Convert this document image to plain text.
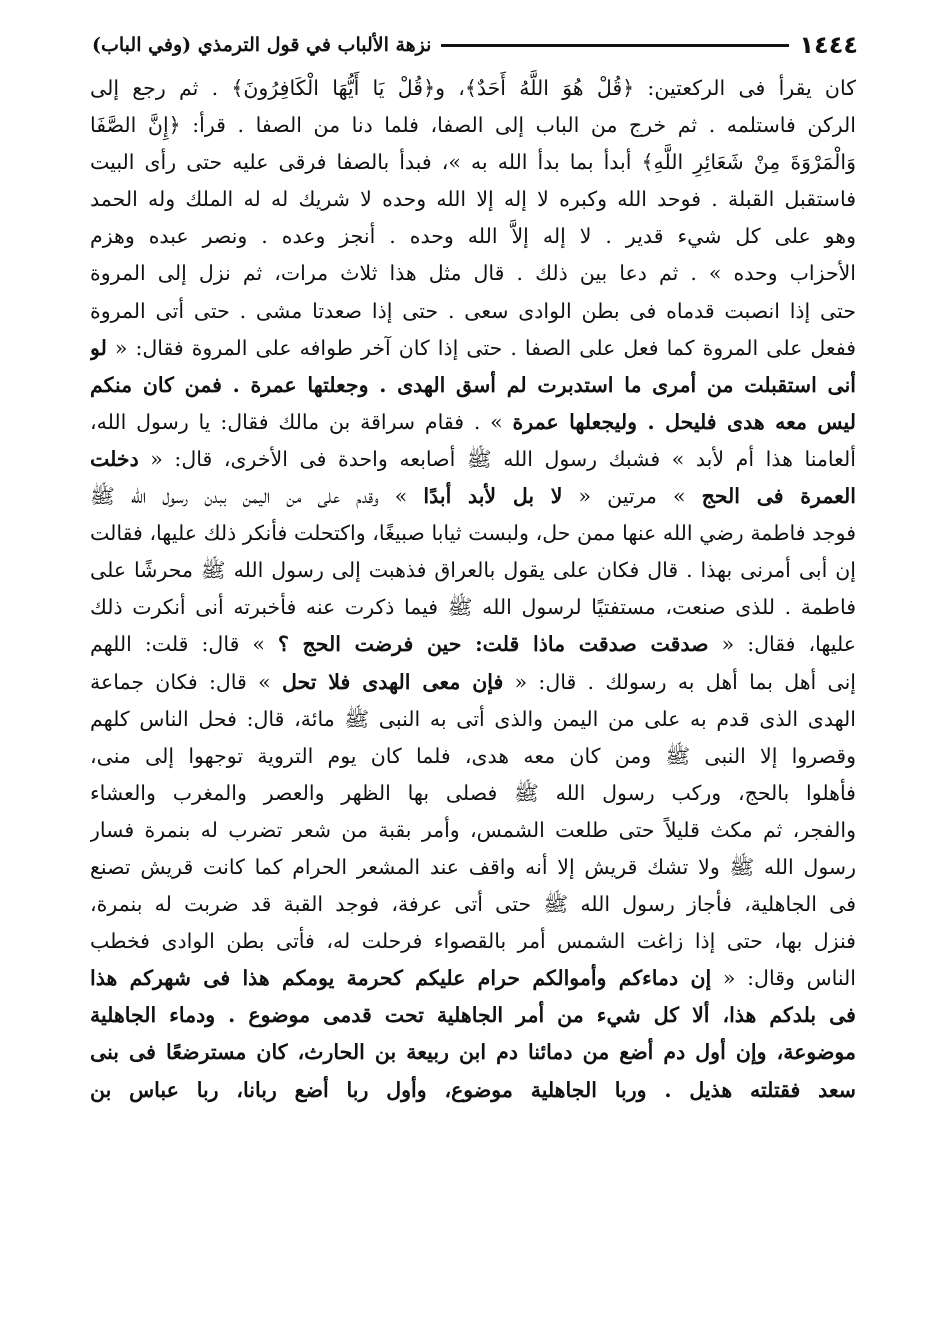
١٤٤٤
نزهة الألباب في قول الترمذي (وفي الباب)
كان يقرأ فى الركعتين: ﴿قُلْ هُوَ اللَّهُ أَحَدٌ﴾، و﴿قُلْ يَا أَيُّهَا الْكَافِرُونَ﴾ . ثم رجع إلى
الركن فاستلمه . ثم خرج من الباب إلى الصفا، فلما دنا من الصفا . قرأ: ﴿إِنَّ الصَّفَا
وَالْمَرْوَةَ مِنْ شَعَائِرِ اللَّهِ﴾ أبدأ بما بدأ الله به »، فبدأ بالصفا فرقى عليه حتى رأى البيت
فاستقبل القبلة . فوحد الله وكبره لا إله إلا الله وحده لا شريك له له الملك وله الحمد
وهو على كل شيء قدير . لا إله إلاَّ الله وحده . أنجز وعده . ونصر عبده وهزم
الأحزاب وحده » . ثم دعا بين ذلك . قال مثل هذا ثلاث مرات، ثم نزل إلى المروة
حتى إذا انصبت قدماه فى بطن الوادى سعى . حتى إذا صعدتا مشى . حتى أتى المروة
ففعل على المروة كما فعل على الصفا . حتى إذا كان آخر طوافه على المروة فقال: « لو
أنى استقبلت من أمرى ما استدبرت لم أسق الهدى . وجعلتها عمرة . فمن كان منكم
ليس معه هدى فليحل . وليجعلها عمرة » . فقام سراقة بن مالك فقال: يا رسول الله،
ألعامنا هذا أم لأبد » فشبك رسول الله ﷺ أصابعه واحدة فى الأخرى، قال: « دخلت
العمرة فى الحج » مرتين « لا بل لأبد أبدًا » وقدم على من اليمن ببدن رسول الله ﷺ
فوجد فاطمة رضي الله عنها ممن حل، ولبست ثيابا صبيغًا، واكتحلت فأنكر ذلك عليها، فقالت
إن أبى أمرنى بهذا . قال فكان على يقول بالعراق فذهبت إلى رسول الله ﷺ محرشًا على
فاطمة . للذى صنعت، مستفتيًا لرسول الله ﷺ فيما ذكرت عنه فأخبرته أنى أنكرت ذلك
عليها، فقال: « صدقت صدقت ماذا قلت: حين فرضت الحج ؟ » قال: قلت: اللهم
إنى أهل بما أهل به رسولك . قال: « فإن معى الهدى فلا تحل » قال: فكان جماعة
الهدى الذى قدم به على من اليمن والذى أتى به النبى ﷺ مائة، قال: فحل الناس كلهم
وقصروا إلا النبى ﷺ ومن كان معه هدى، فلما كان يوم التروية توجهوا إلى منى،
فأهلوا بالحج، وركب رسول الله ﷺ فصلى بها الظهر والعصر والمغرب والعشاء
والفجر، ثم مكث قليلاً حتى طلعت الشمس، وأمر بقبة من شعر تضرب له بنمرة فسار
رسول الله ﷺ ولا تشك قريش إلا أنه واقف عند المشعر الحرام كما كانت قريش تصنع
فى الجاهلية، فأجاز رسول الله ﷺ حتى أتى عرفة، فوجد القبة قد ضربت له بنمرة،
فنزل بها، حتى إذا زاغت الشمس أمر بالقصواء فرحلت له، فأتى بطن الوادى فخطب
الناس وقال: « إن دماءكم وأموالكم حرام عليكم كحرمة يومكم هذا فى شهركم هذا
فى بلدكم هذا، ألا كل شيء من أمر الجاهلية تحت قدمى موضوع . ودماء الجاهلية
موضوعة، وإن أول دم أضع من دمائنا دم ابن ربيعة بن الحارث، كان مسترضعًا فى بنى
سعد فقتلته هذيل . وربا الجاهلية موضوع، وأول ربا أضع ربانا، ربا عباس بن
